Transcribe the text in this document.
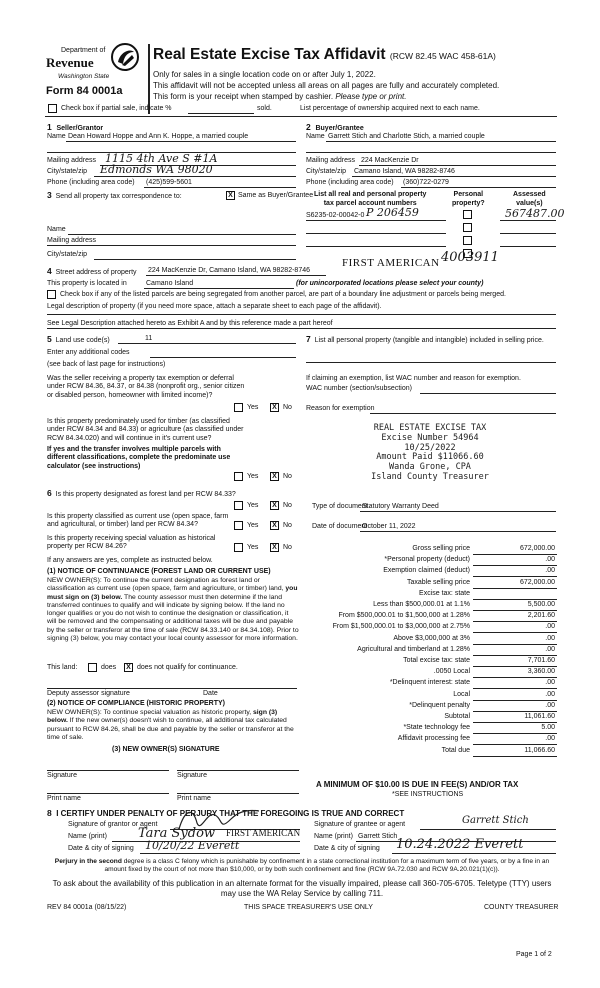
Department of
Revenue
Washington State
Form 84 0001a
Real Estate Excise Tax Affidavit (RCW 82.45 WAC 458-61A)
Only for sales in a single location code on or after July 1, 2022.
This affidavit will not be accepted unless all areas on all pages are fully and accurately completed.
This form is your receipt when stamped by cashier. Please type or print.
Check box if partial sale, indicate %	sold.	List percentage of ownership acquired next to each name.
1 Seller/Grantor
Name Dean Howard Hoppe and Ann K. Hoppe, a married couple
Mailing address 1115 4th Ave S #1A
City/state/zip Edmonds WA 98020
Phone (including area code) (425)599-5601
2 Buyer/Grantee
Name Garrett Stich and Charlotte Stich, a married couple
Mailing address 224 MacKenzie Dr
City/state/zip Camano Island, WA 98282-8746
Phone (including area code) (360)722-0279
3 Send all property tax correspondence to:	X Same as Buyer/Grantee
Name
Mailing address
City/state/zip
List all real and personal property
tax parcel account numbers
Personal
property?
Assessed
value(s)
S6235-02-00042-0 P 206459	567487.00
FIRST AMERICAN 4003911
4 Street address of property 224 MacKenzie Dr, Camano Island, WA 98282-8746
This property is located in	Camano Island	(for unincorporated locations please select your county)
Check box if any of the listed parcels are being segregated from another parcel, are part of a boundary line adjustment or parcels being merged.
Legal description of property (if you need more space, attach a separate sheet to each page of the affidavit).
See Legal Description attached hereto as Exhibit A and by this reference made a part hereof
5 Land use code(s)	11
Enter any additional codes
(see back of last page for instructions)
Was the seller receiving a property tax exemption or deferral under RCW 84.36, 84.37, or 84.38 (nonprofit org., senior citizen or disabled person, homeowner with limited income)?
Yes	X No
Is this property predominately used for timber (as classified under RCW 84.34 and 84.33) or agriculture (as classified under RCW 84.34.020) and will continue in it's current use?
If yes and the transfer involves multiple parcels with different classifications, complete the predominate use calculator (see instructions)
Yes	X No
7 List all personal property (tangible and intangible) included in selling price.
If claiming an exemption, list WAC number and reason for exemption.
WAC number (section/subsection)
Reason for exemption
REAL ESTATE EXCISE TAX
Excise Number 54964
10/25/2022
Amount Paid $11066.60
Wanda Grone, CPA
Island County Treasurer
6 Is this property designated as forest land per RCW 84.33?
Yes	X No
Is this property classified as current use (open space, farm and agricultural, or timber) land per RCW 84.34?	Yes	X No
Is this property receiving special valuation as historical property per RCW 84.26?	Yes	X No
If any answers are yes, complete as instructed below.
(1) NOTICE OF CONTINUANCE (FOREST LAND OR CURRENT USE)
NEW OWNER(S): To continue the current designation as forest land or classification as current use (open space, farm and agriculture, or timber) land, you must sign on (3) below. The county assessor must then determine if the land transferred continues to qualify and will indicate by signing below. If the land no longer qualifies or you do not wish to continue the designation or classification, it will be removed and the compensating or additional taxes will be due and payable by the seller or transferor at the time of sale (RCW 84.33.140 or 84.34.108). Prior to signing (3) below, you may contact your local county assessor for more information.
This land:	does	X does not qualify for continuance.
Deputy assessor signature	Date
(2) NOTICE OF COMPLIANCE (HISTORIC PROPERTY)
NEW OWNER(S): To continue special valuation as historic property, sign (3) below. If the new owner(s) doesn't wish to continue, all additional tax calculated pursuant to RCW 84.26, shall be due and payable by the seller or transferor at the time of sale.
(3) NEW OWNER(S) SIGNATURE
Signature	Signature
Print name	Print name
Type of document
Statutory Warranty Deed
Date of document
October 11, 2022
Gross selling price	672,000.00
*Personal property (deduct)	.00
Exemption claimed (deduct)	.00
Taxable selling price	672,000.00
Excise tax: state
Less than $500,000.01 at 1.1%	5,500.00
From $500,000.01 to $1,500,000 at 1.28%	2,201.60
From $1,500,000.01 to $3,000,000 at 2.75%	.00
Above $3,000,000 at 3%	.00
Agricultural and timberland at 1.28%	.00
Total excise tax: state	7,701.60
.0050 Local	3,360.00
*Delinquent interest: state	.00
Local	.00
*Delinquent penalty	.00
Subtotal	11,061.60
*State technology fee	5.00
Affidavit processing fee	.00
Total due	11,066.60
A MINIMUM OF $10.00 IS DUE IN FEE(S) AND/OR TAX
*SEE INSTRUCTIONS
8 I CERTIFY UNDER PENALTY OF PERJURY THAT THE FOREGOING IS TRUE AND CORRECT
Signature of grantor or agent
Name (print) Tara Sydow FIRST AMERICAN
Date & city of signing 10/20/22 Everett
Signature of grantee or agent	Garrett Stich
Name (print) Garrett Stich
Date & city of signing 10.24.2022 Everett
Perjury in the second degree is a class C felony which is punishable by confinement in a state correctional institution for a maximum term of five years, or by a fine in an amount fixed by the court of not more than $10,000, or by both such confinement and fine (RCW 9A.72.030 and RCW 9A.20.021(1)(c)).
To ask about the availability of this publication in an alternate format for the visually impaired, please call 360-705-6705. Teletype (TTY) users may use the WA Relay Service by calling 711.
REV 84 0001a (08/15/22)	THIS SPACE TREASURER'S USE ONLY	COUNTY TREASURER
Page 1 of 2
